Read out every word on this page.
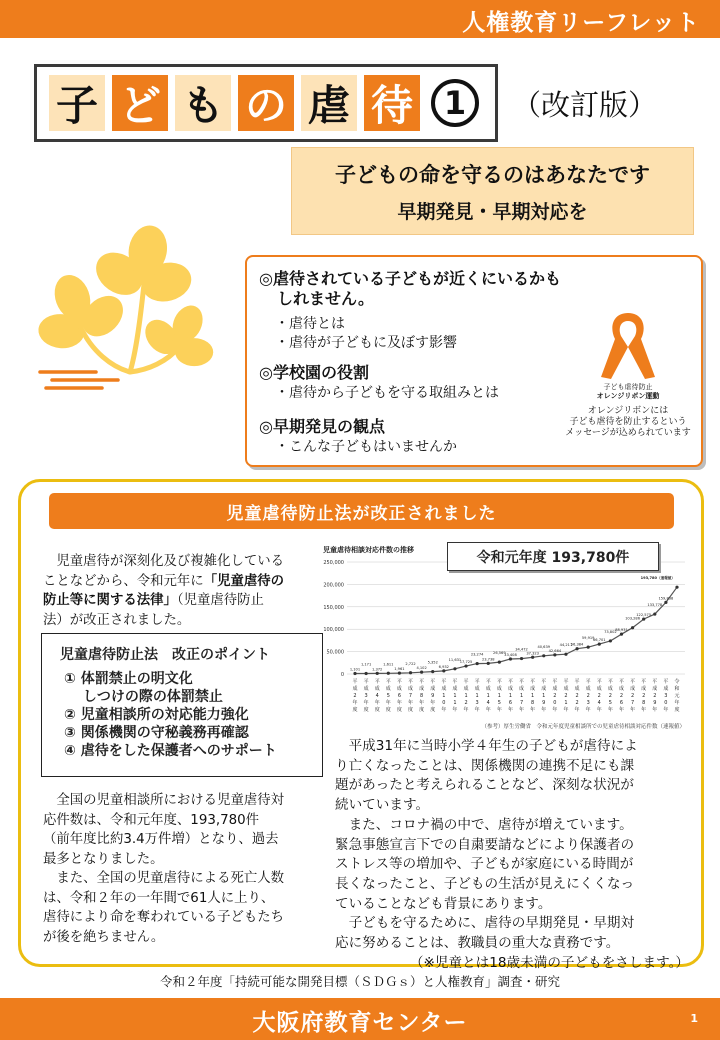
人権教育リーフレット
子 ど も の 虐 待 1	（改訂版）
子どもの命を守るのはあなたです
早期発見・早期対応を
◎虐待されている子どもが近くにいるかも
しれません。
・虐待とは
・虐待が子どもに及ぼす影響
◎学校園の役割
・虐待から子どもを守る取組みとは
◎早期発見の観点
・こんな子どもはいませんか
子ども虐待防止
オレンジリボン運動
オレンジリボンには
子ども虐待を防止するという
メッセージが込められています
児童虐待防止法が改正されました
　児童虐待が深刻化及び複雑化している
ことなどから、令和元年に「児童虐待の
防止等に関する法律」（児童虐待防止
法）が改正されました。
児童虐待防止法　改正のポイント
① 体罰禁止の明文化
　 しつけの際の体罰禁止
② 児童相談所の対応能力強化
③ 関係機関の守秘義務再確認
④ 虐待をした保護者へのサポート
　全国の児童相談所における児童虐待対
応件数は、令和元年度、193,780件
（前年度比約3.4万件増）となり、過去
最多となりました。
　また、全国の児童虐待による死亡人数
は、令和２年の一年間で61人に上り、
虐待により命を奪われている子どもたち
が後を絶ちません。
児童虐待相談対応件数の推移
0
50,000
100,000
150,000
200,000
250,000
1,101
1,171
1,372
1,611
1,961
2,722
4,102
5,352
6,932
11,631
17,725
23,274
23,738
26,569
33,408
34,472
37,323
40,639
42,664
44,211
56,384
59,919
66,701
73,802
88,931
103,286
122,575
133,778
159,838
193,780（速報値）
平
成
2
年
度
平
成
3
年
度
平
成
4
年
度
平
成
5
年
度
平
成
6
年
度
平
成
7
年
度
平
成
8
年
度
平
成
9
年
度
平
成
1
0
年
平
成
1
1
年
平
成
1
2
年
平
成
1
3
年
平
成
1
4
年
平
成
1
5
年
平
成
1
6
年
平
成
1
7
年
平
成
1
8
年
平
成
1
9
年
平
成
2
0
年
平
成
2
1
年
平
成
2
2
年
平
成
2
3
年
平
成
2
4
年
平
成
2
5
年
平
成
2
6
年
平
成
2
7
年
平
成
2
8
年
平
成
2
9
年
平
成
3
0
年
令
和
元
年
度
（参考）厚生労働省　令和元年度児童相談所での児童虐待相談対応件数（速報値）
令和元年度 193,780件
　平成31年に当時小学４年生の子どもが虐待によ
り亡くなったことは、関係機関の連携不足にも課
題があったと考えられることなど、深刻な状況が
続いています。
　また、コロナ禍の中で、虐待が増えています。
緊急事態宣言下での自粛要請などにより保護者の
ストレス等の増加や、子どもが家庭にいる時間が
長くなったこと、子どもの生活が見えにくくなっ
ていることなども背景にあります。
　子どもを守るために、虐待の早期発見・早期対
応に努めることは、教職員の重大な責務です。
（※児童とは18歳未満の子どもをさします。）
令和２年度「持続可能な開発目標（ＳＤＧｓ）と人権教育」調査・研究
大阪府教育センター	1
